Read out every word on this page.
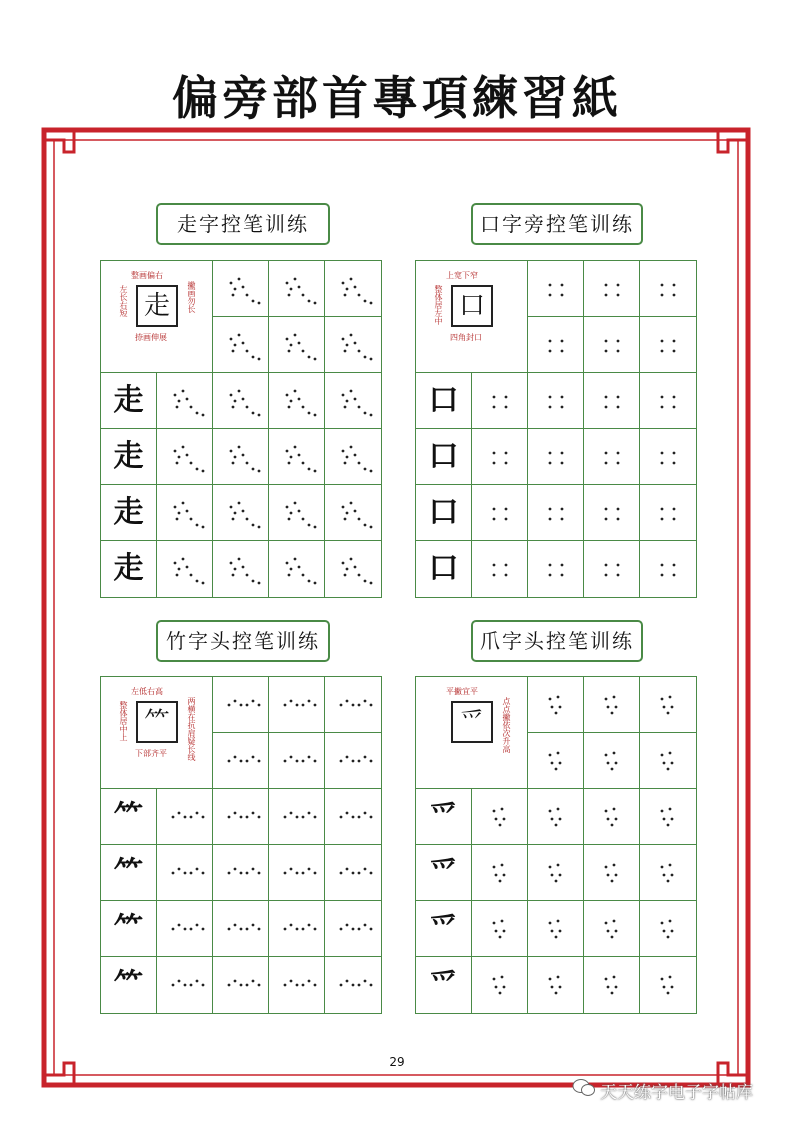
偏旁部首專項練習紙
走字控笔训练
走
整画偏右
左长右短	撇画勿长
捺画伸展
走
走
走
走
口字旁控笔训练
口
上宽下窄
整体居左中
四角封口
口
口
口
口
竹字头控笔训练
⺮
左低右高
整体居中上	两横在抗肩疑长线
下部齐平
⺮
⺮
⺮
⺮
爪字头控笔训练
爫
平撇宜平
点点撇依次升高
爫
爫
爫
爫
29
天天练字电子字帖库
